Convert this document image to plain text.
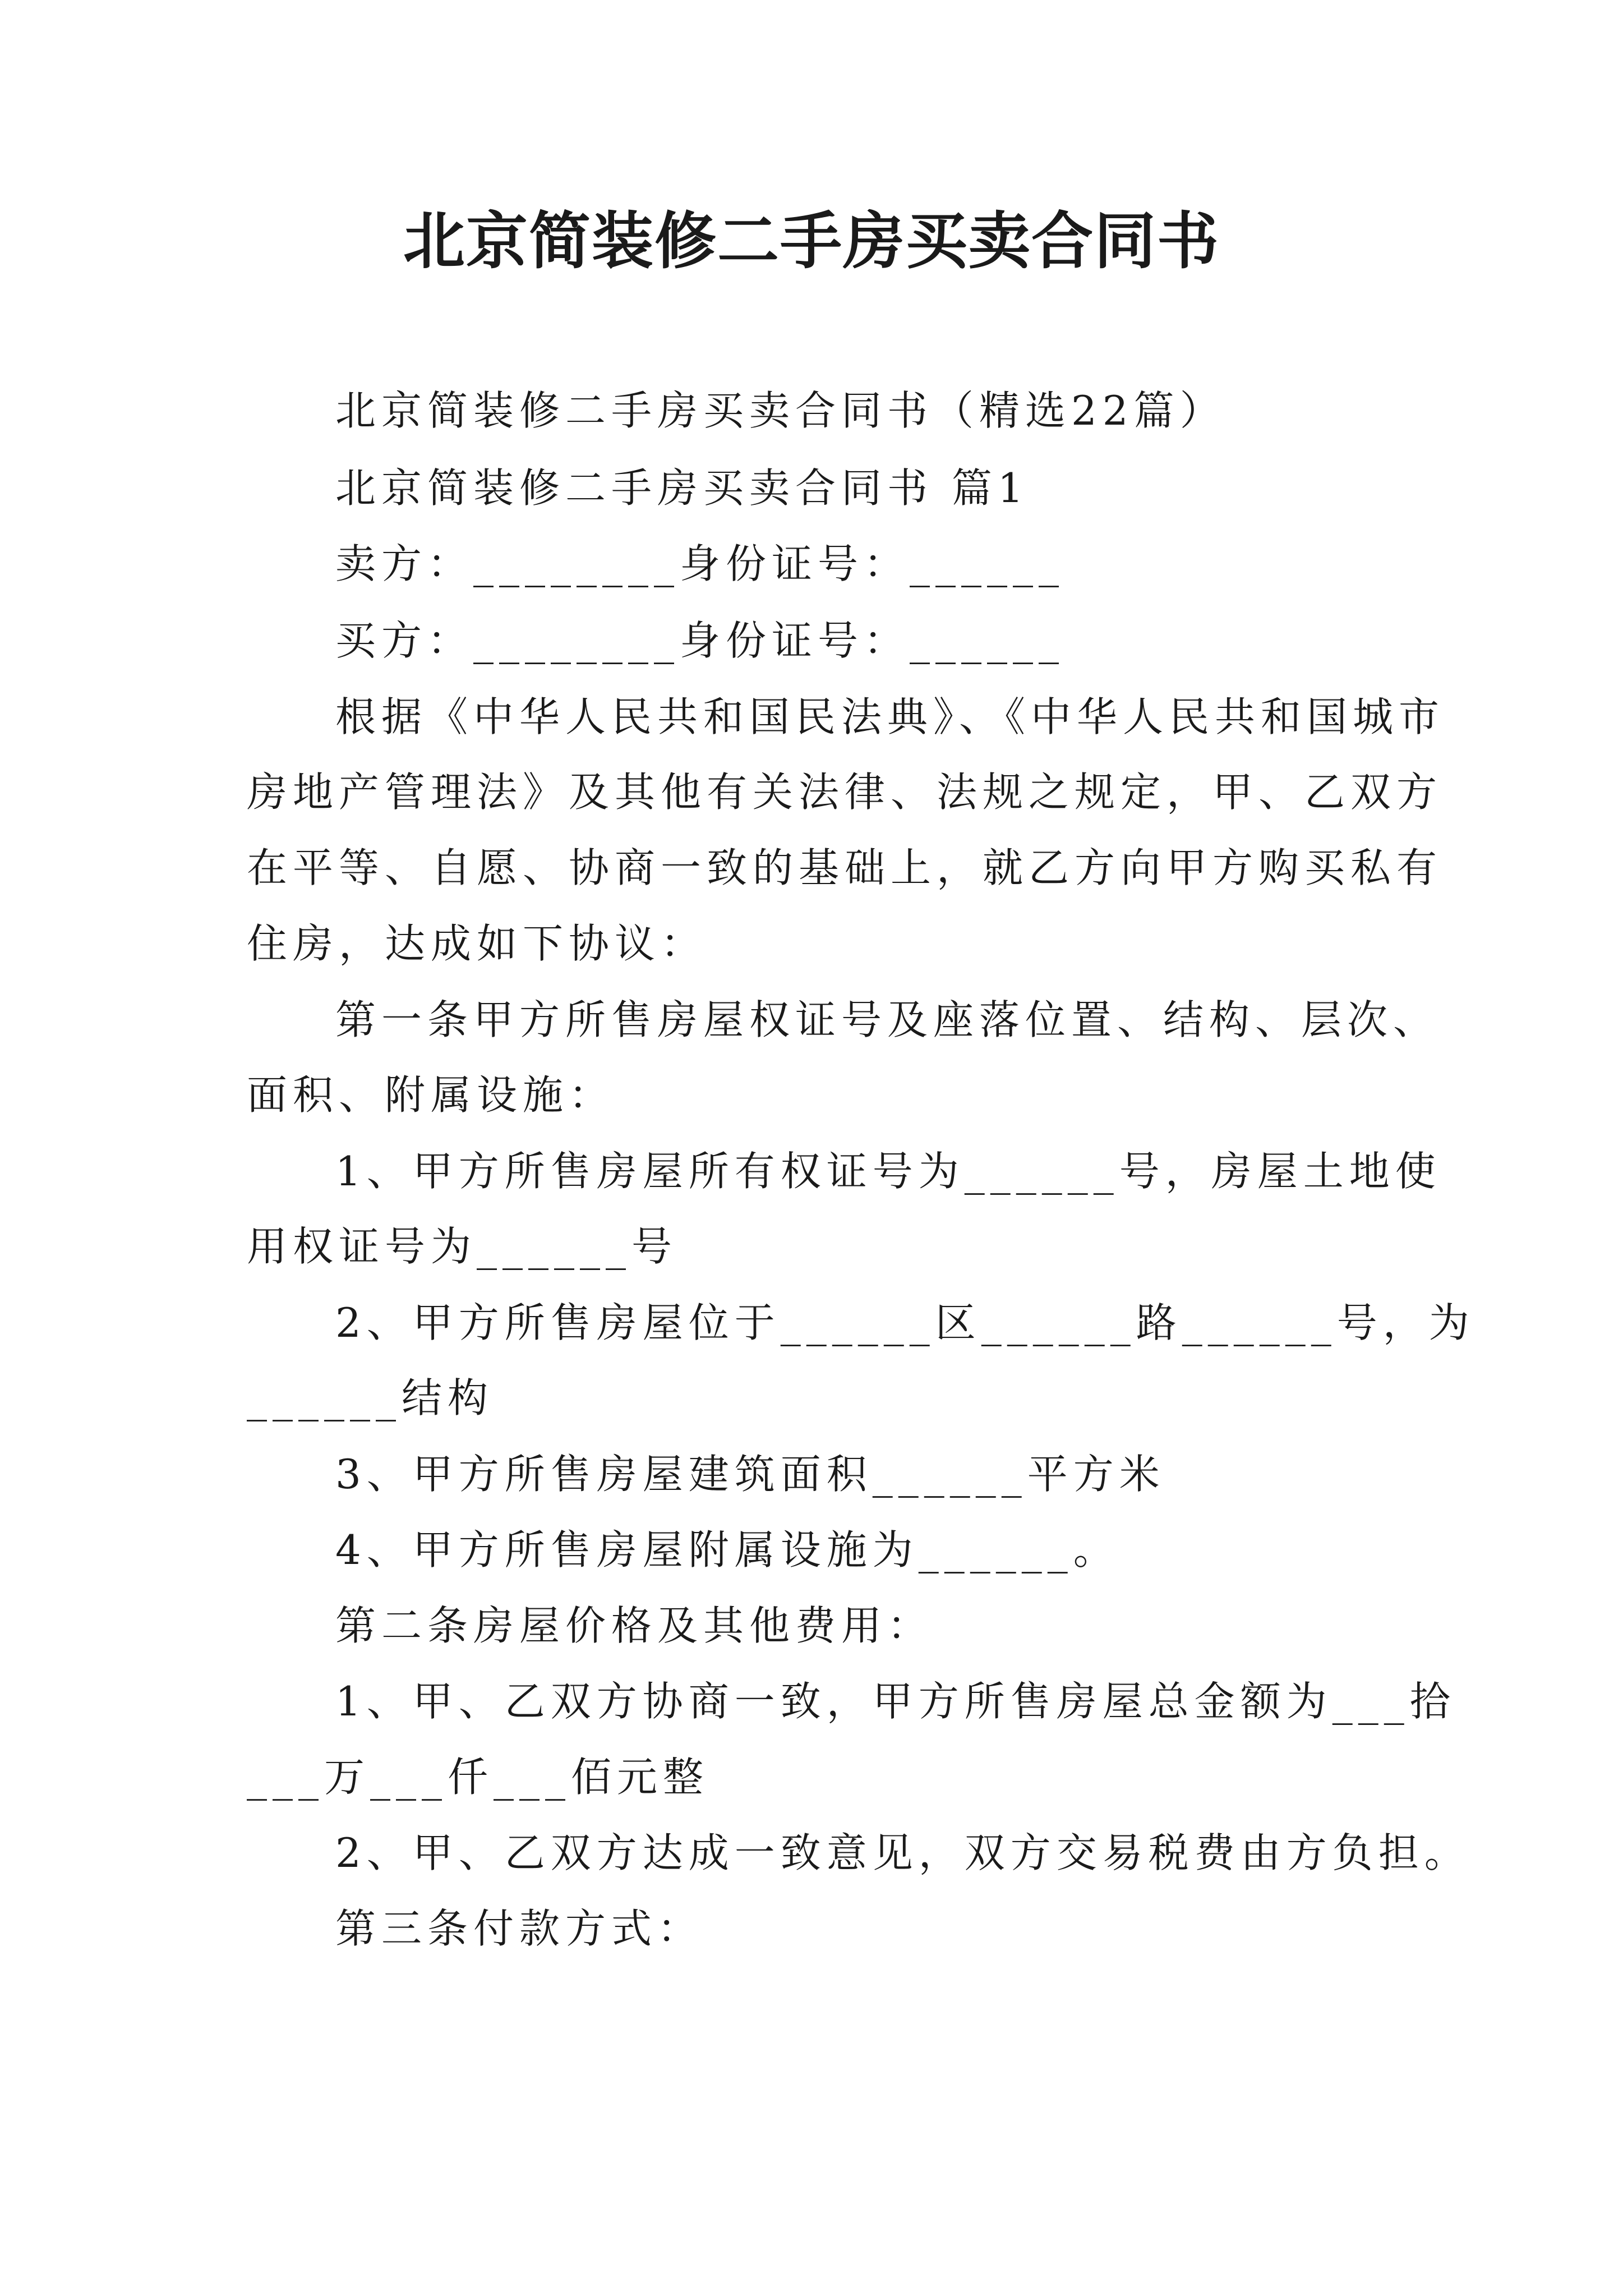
北京简装修二手房买卖合同书
北京简装修二手房买卖合同书（精选22篇）
北京简装修二手房买卖合同书 篇1
卖方：________身份证号：______
买方：________身份证号：______
根据《中华人民共和国民法典》、《中华人民共和国城市
房地产管理法》及其他有关法律、法规之规定，甲、乙双方
在平等、自愿、协商一致的基础上，就乙方向甲方购买私有
住房，达成如下协议：
第一条甲方所售房屋权证号及座落位置、结构、层次、
面积、附属设施：
1、甲方所售房屋所有权证号为______号，房屋土地使
用权证号为______号
2、甲方所售房屋位于______区______路______号，为
______结构
3、甲方所售房屋建筑面积______平方米
4、甲方所售房屋附属设施为______。
第二条房屋价格及其他费用：
1、甲、乙双方协商一致，甲方所售房屋总金额为___拾
___万___仟___佰元整
2、甲、乙双方达成一致意见，双方交易税费由方负担。
第三条付款方式：
